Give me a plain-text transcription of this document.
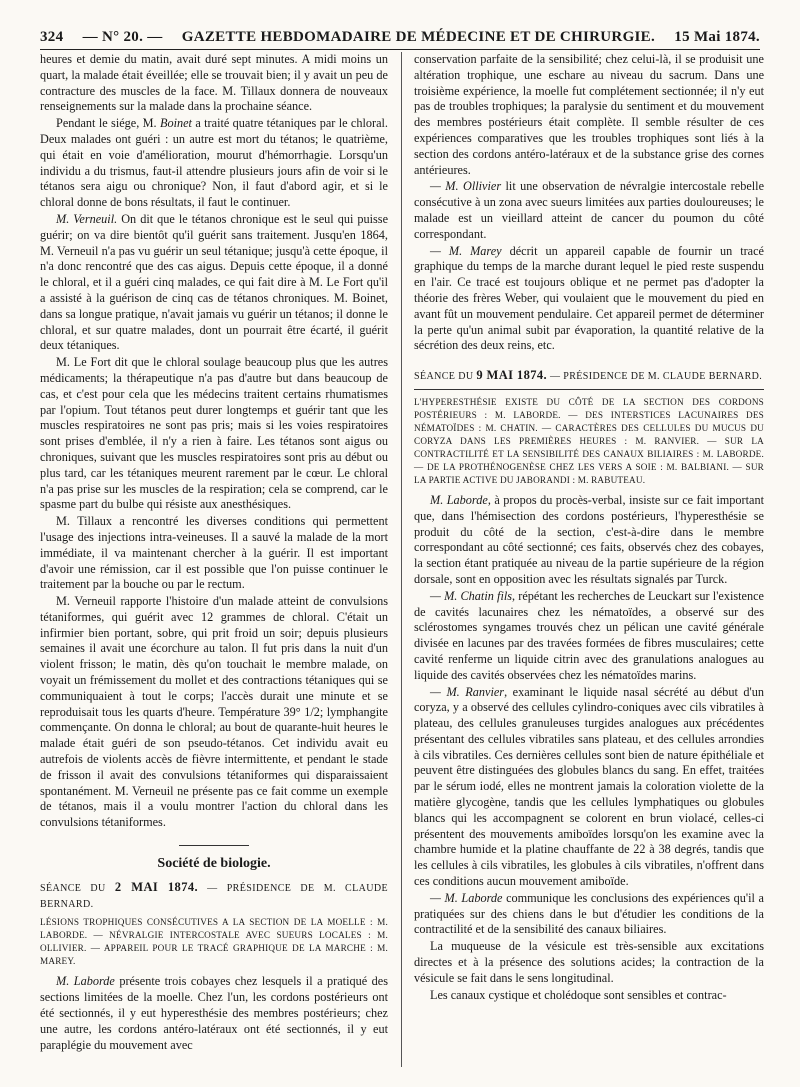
324 — N° 20. — GAZETTE HEBDOMADAIRE DE MÉDECINE ET DE CHIRURGIE. 15 Mai 1874.

heures et demie du matin, avait duré sept minutes. A midi moins un quart, la malade était éveillée; elle se trouvait bien; il y avait un peu de contracture des muscles de la face. M. Tillaux donnera de nouveaux renseignements sur la malade dans la prochaine séance.

Pendant le siége, M. Boinet a traité quatre tétaniques par le chloral. Deux malades ont guéri : un autre est mort du tétanos; le quatrième, qui était en voie d'amélioration, mourut d'hémorrhagie. Lorsqu'un individu a du trismus, faut-il attendre plusieurs jours afin de voir si le tétanos sera aigu ou chronique? Non, il faut d'abord agir, et si le chloral donne de bons résultats, il faut le continuer.

M. Verneuil. On dit que le tétanos chronique est le seul qui puisse guérir; on va dire bientôt qu'il guérit sans traitement. Jusqu'en 1864, M. Verneuil n'a pas vu guérir un seul tétanique; jusqu'à cette époque, il n'a donc rencontré que des cas aigus. Depuis cette époque, il a donné le chloral, et il a guéri cinq malades, ce qui fait dire à M. Le Fort qu'il a assisté à la guérison de cinq cas de tétanos chroniques. M. Boinet, dans sa longue pratique, n'avait jamais vu guérir un tétanos; il donne le chloral, et sur quatre malades, dont un pourrait être écarté, il guérit deux tétaniques.

M. Le Fort dit que le chloral soulage beaucoup plus que les autres médicaments; la thérapeutique n'a pas d'autre but dans beaucoup de cas, et c'est pour cela que les médecins traitent certains rhumatismes par l'opium. Tout tétanos peut durer longtemps et guérir tant que les muscles respiratoires ne sont pas pris; mais si les voies respiratoires sont prises d'emblée, il n'y a rien à faire. Les tétanos sont aigus ou chroniques, suivant que les muscles respiratoires sont pris au début ou plus tard, car les tétaniques meurent rarement par le cœur. Le chloral n'a pas prise sur les muscles de la respiration; cela se comprend, car le spasme part du bulbe qui résiste aux anesthésiques.

M. Tillaux a rencontré les diverses conditions qui permettent l'usage des injections intra-veineuses. Il a sauvé la malade de la mort immédiate, il va maintenant chercher à la guérir. Il est important d'avoir une rémission, car il est possible que l'on puisse continuer le traitement par la bouche ou par le rectum.

M. Verneuil rapporte l'histoire d'un malade atteint de convulsions tétaniformes, qui guérit avec 12 grammes de chloral. C'était un infirmier bien portant, sobre, qui prit froid un soir; depuis plusieurs semaines il avait une écorchure au talon. Il fut pris dans la nuit d'un violent frisson; le matin, dès qu'on touchait le membre malade, on voyait un frémissement du mollet et des contractions tétaniques qui se communiquaient à tout le corps; l'accès durait une minute et se reproduisait tous les quarts d'heure. Température 39° 1/2; lymphangite commençante. On donna le chloral; au bout de quarante-huit heures le malade était guéri de son pseudo-tétanos. Cet individu avait eu autrefois de violents accès de fièvre intermittente, et pendant le stade de frisson il avait des convulsions tétaniformes qui disparaissaient spontanément. M. Verneuil ne présente pas ce fait comme un exemple de tétanos, mais il a voulu montrer l'action du chloral dans les convulsions tétaniformes.

Société de biologie.

SÉANCE DU 2 MAI 1874. — PRÉSIDENCE DE M. CLAUDE BERNARD.

LÉSIONS TROPHIQUES CONSÉCUTIVES A LA SECTION DE LA MOELLE : M. LABORDE. — NÉVRALGIE INTERCOSTALE AVEC SUEURS LOCALES : M. OLLIVIER. — APPAREIL POUR LE TRACÉ GRAPHIQUE DE LA MARCHE : M. MAREY.

M. Laborde présente trois cobayes chez lesquels il a pratiqué des sections limitées de la moelle. Chez l'un, les cordons postérieurs ont été sectionnés, il y eut hyperesthésie des membres postérieurs; chez une autre, les cordons antéro-latéraux ont été sectionnés, il y eut paraplégie du mouvement avec

conservation parfaite de la sensibilité; chez celui-là, il se produisit une altération trophique, une eschare au niveau du sacrum. Dans une troisième expérience, la moelle fut complétement sectionnée; il n'y eut pas de troubles trophiques; la paralysie du sentiment et du mouvement des membres postérieurs était complète. Il semble résulter de ces expériences comparatives que les troubles trophiques sont liés à la section des cordons antéro-latéraux et de la substance grise des cornes antérieures.

— M. Ollivier lit une observation de névralgie intercostale rebelle consécutive à un zona avec sueurs limitées aux parties douloureuses; le malade est un vieillard atteint de cancer du poumon du côté correspondant.

— M. Marey décrit un appareil capable de fournir un tracé graphique du temps de la marche durant lequel le pied reste suspendu en l'air. Ce tracé est toujours oblique et ne permet pas d'adopter la théorie des frères Weber, qui voulaient que le mouvement du pied en avant fût un mouvement pendulaire. Cet appareil permet de déterminer la perte qu'un animal subit par évaporation, la quantité relative de la sécrétion des deux reins, etc.

SÉANCE DU 9 MAI 1874. — PRÉSIDENCE DE M. CLAUDE BERNARD.

L'HYPERESTHÉSIE EXISTE DU CÔTÉ DE LA SECTION DES CORDONS POSTÉRIEURS : M. LABORDE. — DES INTERSTICES LACUNAIRES DES NÉMATOÏDES : M. CHATIN. — CARACTÈRES DES CELLULES DU MUCUS DU CORYZA DANS LES PREMIÈRES HEURES : M. RANVIER. — SUR LA CONTRACTILITÉ ET LA SENSIBILITÉ DES CANAUX BILIAIRES : M. LABORDE. — DE LA PROTHÉNOGENÈSE CHEZ LES VERS A SOIE : M. BALBIANI. — SUR LA PARTIE ACTIVE DU JABORANDI : M. RABUTEAU.

M. Laborde, à propos du procès-verbal, insiste sur ce fait important que, dans l'hémisection des cordons postérieurs, l'hyperesthésie se produit du côté de la section, c'est-à-dire dans le membre correspondant au côté sectionné; ces faits, observés chez des cobayes, la section étant pratiquée au niveau de la partie supérieure de la région dorsale, sont en opposition avec les résultats signalés par Turck.

— M. Chatin fils, répétant les recherches de Leuckart sur l'existence de cavités lacunaires chez les nématoïdes, a observé sur des sclérostomes syngames trouvés chez un pélican une cavité générale divisée en lacunes par des travées formées de fibres musculaires; cette cavité renferme un liquide citrin avec des granulations analogues au liquide des cavités observées chez les nématoïdes marins.

— M. Ranvier, examinant le liquide nasal sécrété au début d'un coryza, y a observé des cellules cylindro-coniques avec cils vibratiles à plateau, des cellules granuleuses turgides analogues aux précédentes présentant des cellules vibratiles sans plateau, et des cellules arrondies à cils vibratiles. Ces dernières cellules sont bien de nature épithéliale et peuvent être distinguées des globules blancs du sang. En effet, traitées par le sérum iodé, elles ne montrent jamais la coloration violette de la matière glycogène, tandis que les cellules lymphatiques ou globules blancs qui les accompagnent se colorent en brun violacé, celles-ci présentent des mouvements amiboïdes lorsqu'on les examine avec la chambre humide et la platine chauffante de 22 à 38 degrés, tandis que les cellules à cils vibratiles, les globules à cils vibratiles, n'offrent dans ces conditions aucun mouvement amiboïde.

— M. Laborde communique les conclusions des expériences qu'il a pratiquées sur des chiens dans le but d'étudier les conditions de la contractilité et de la sensibilité des canaux biliaires.

La muqueuse de la vésicule est très-sensible aux excitations directes et à la présence des solutions acides; la contraction de la vésicule se fait dans le sens longitudinal.

Les canaux cystique et cholédoque sont sensibles et contrac-
